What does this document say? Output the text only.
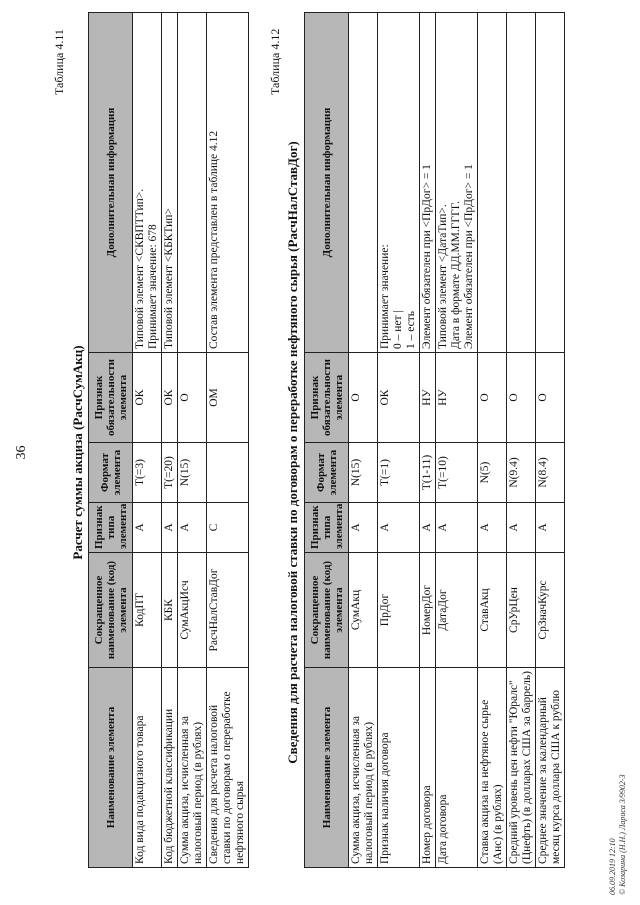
36
Таблица 4.11
Расчет суммы акциза (РасчСумАкц)
Наименование элемента	Сокращенное наименование (код) элемента	Признак типа элемента	Формат элемента	Признак обязательности элемента	Дополнительная информация
Код вида подакцизного товара	КодПТ	А	T(=3)	ОК	Типовой элемент <СКВПТТип>. Принимает значение: 678

Код бюджетной классификации	КБК	А	T(=20)	ОК	Типовой элемент <КБКТип>

Сумма акциза, исчисленная за налоговый период (в рублях)	СумАкцИсч	А	N(15)	О	

Сведения для расчета налоговой ставки по договорам о переработке нефтяного сырья	РасчНалСтавДог	С		ОМ	Состав элемента представлен в таблице 4.12
Таблица 4.12
Сведения для расчета налоговой ставки по договорам о переработке нефтяного сырья (РасчНалСтавДог)
Наименование элемента	Сокращенное наименование (код) элемента	Признак типа элемента	Формат элемента	Признак обязательности элемента	Дополнительная информация
Сумма акциза, исчисленная за налоговый период (в рублях)	СумАкц	А	N(15)	О	

Признак наличия договора	ПрДог	А	T(=1)	ОК	Принимает значение: 0 – нет | 1 – есть

Номер договора	НомерДог	А	T(1-11)	НУ	Элемент обязателен при <ПрДог> = 1

Дата договора	ДатаДог	А	T(=10)	НУ	Типовой элемент <ДатаТип>. Дата в формате ДД.ММ.ГГГГ. Элемент обязателен при <ПрДог> = 1

Ставка акциза на нефтяное сырье (Анс) (в рублях)	СтавАкц	А	N(5)	О	

Средний уровень цен нефти "Юралс" (Цнефть) (в долларах США за баррель)	СрУрЦен	А	N(9.4)	О	

Среднее значение за календарный месяц курса доллара США к рублю	СрЗначКурс	А	N(8.4)	О	
06.09.2019 12:10 © Козарина (Н.Н.) Лариса 3/9902-3
